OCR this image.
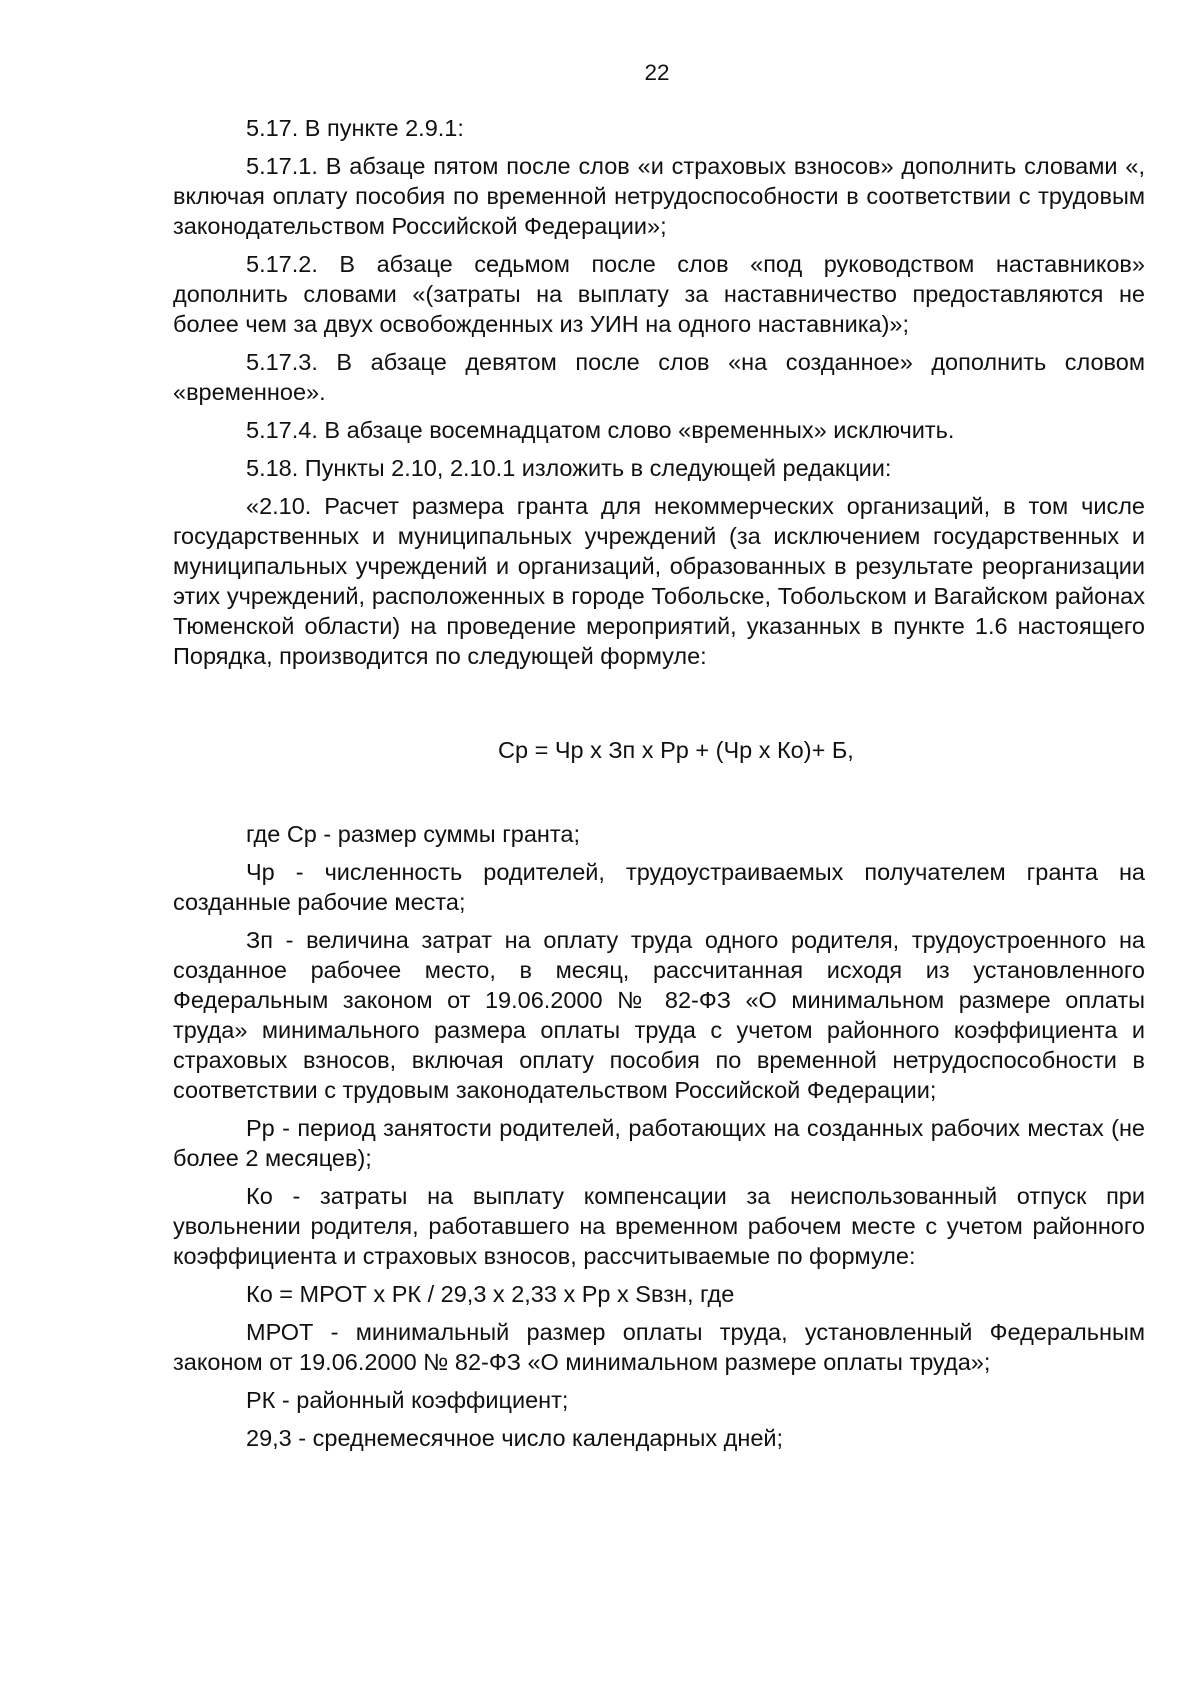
22

5.17. В пункте 2.9.1:

5.17.1. В абзаце пятом после слов «и страховых взносов» дополнить словами «, включая оплату пособия по временной нетрудоспособности в соответствии с трудовым законодательством Российской Федерации»;

5.17.2. В абзаце седьмом после слов «под руководством наставников» дополнить словами «(затраты на выплату за наставничество предоставляются не более чем за двух освобожденных из УИН на одного наставника)»;

5.17.3. В абзаце девятом после слов «на созданное» дополнить словом «временное».

5.17.4. В абзаце восемнадцатом слово «временных» исключить.

5.18. Пункты 2.10, 2.10.1 изложить в следующей редакции:

«2.10. Расчет размера гранта для некоммерческих организаций, в том числе государственных и муниципальных учреждений (за исключением государственных и муниципальных учреждений и организаций, образованных в результате реорганизации этих учреждений, расположенных в городе Тобольске, Тобольском и Вагайском районах Тюменской области) на проведение мероприятий, указанных в пункте 1.6 настоящего Порядка, производится по следующей формуле:

Ср = Чр х Зп х Рр + (Чр х Ко)+ Б,

где Ср - размер суммы гранта;

Чр - численность родителей, трудоустраиваемых получателем гранта на созданные рабочие места;

Зп - величина затрат на оплату труда одного родителя, трудоустроенного на созданное рабочее место, в месяц, рассчитанная исходя из установленного Федеральным законом от 19.06.2000 № 82-ФЗ «О минимальном размере оплаты труда» минимального размера оплаты труда с учетом районного коэффициента и страховых взносов, включая оплату пособия по временной нетрудоспособности в соответствии с трудовым законодательством Российской Федерации;

Рр - период занятости родителей, работающих на созданных рабочих местах (не более 2 месяцев);

Ко - затраты на выплату компенсации за неиспользованный отпуск при увольнении родителя, работавшего на временном рабочем месте с учетом районного коэффициента и страховых взносов, рассчитываемые по формуле:

Ко = МРОТ х РК / 29,3 х 2,33 х Рр х Sвзн, где

МРОТ - минимальный размер оплаты труда, установленный Федеральным законом от 19.06.2000 № 82-ФЗ «О минимальном размере оплаты труда»;

РК - районный коэффициент;

29,3 - среднемесячное число календарных дней;
